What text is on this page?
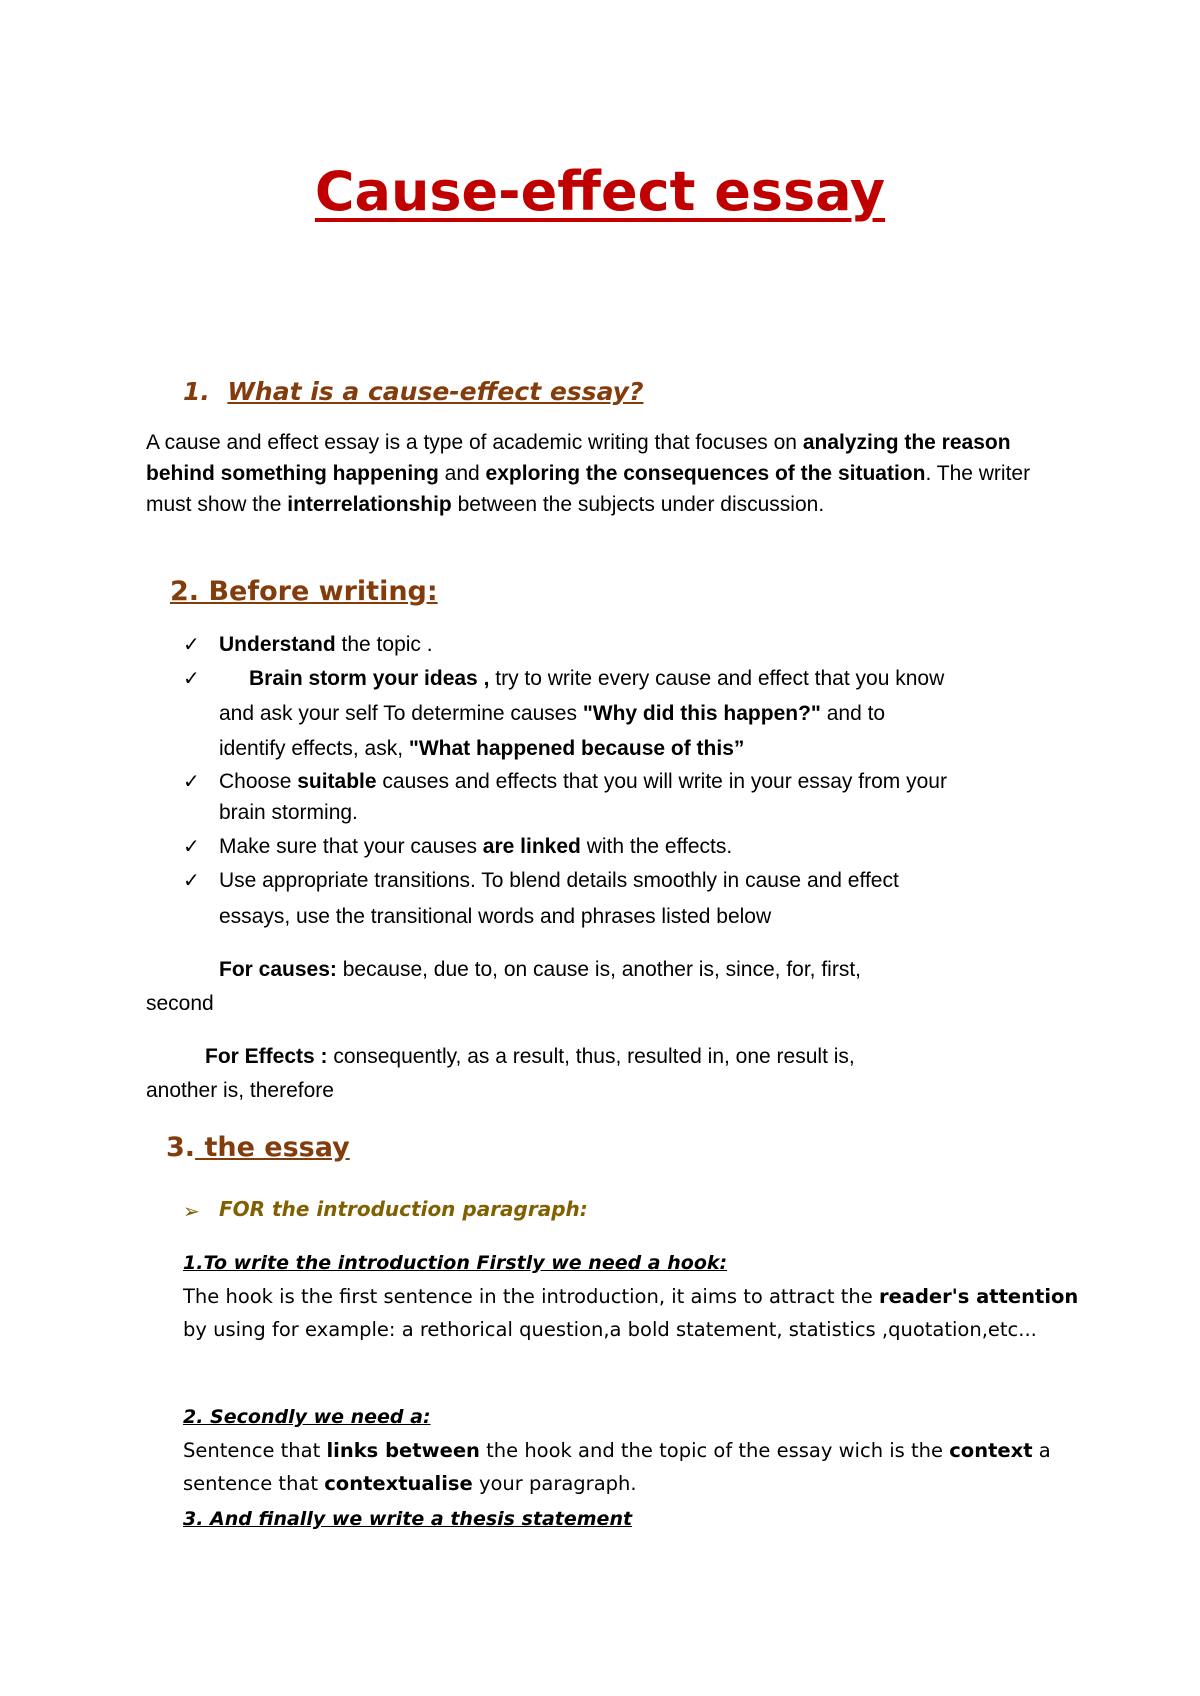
Cause-effect essay
1. What is a cause-effect essay?
A cause and effect essay is a type of academic writing that focuses on analyzing the reason behind something happening and exploring the consequences of the situation. The writer must show the interrelationship between the subjects under discussion.
2. Before writing:
✓ Understand the topic .
✓ Brain storm your ideas , try to write every cause and effect that you know
and ask your self To determine causes "Why did this happen?" and to
identify effects, ask, "What happened because of this”
✓ Choose suitable causes and effects that you will write in your essay from your
brain storming.
✓ Make sure that your causes are linked with the effects.
✓ Use appropriate transitions. To blend details smoothly in cause and effect
essays, use the transitional words and phrases listed below
For causes: because, due to, on cause is, another is, since, for, first,
second
For Effects : consequently, as a result, thus, resulted in, one result is,
another is, therefore
3. the essay
➢ FOR the introduction paragraph:
1.To write the introduction Firstly we need a hook:
The hook is the first sentence in the introduction, it aims to attract the reader's attention by using for example: a rethorical question,a bold statement, statistics ,quotation,etc...
2. Secondly we need a:
Sentence that links between the hook and the topic of the essay wich is the context a sentence that contextualise your paragraph.
3. And finally we write a thesis statement
